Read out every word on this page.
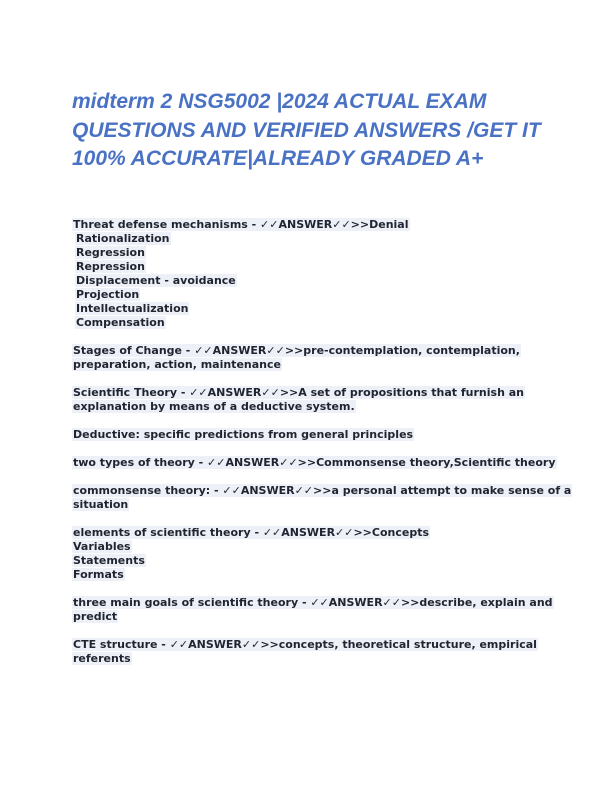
midterm 2 NSG5002 |2024 ACTUAL EXAM
QUESTIONS AND VERIFIED ANSWERS /GET IT
100% ACCURATE|ALREADY GRADED A+
Threat defense mechanisms - ✓✓ANSWER✓✓>>Denial
Rationalization
Regression
Repression
Displacement - avoidance
Projection
Intellectualization
Compensation
Stages of Change - ✓✓ANSWER✓✓>>pre-contemplation, contemplation,
preparation, action, maintenance
Scientific Theory - ✓✓ANSWER✓✓>>A set of propositions that furnish an
explanation by means of a deductive system.
Deductive: specific predictions from general principles
two types of theory - ✓✓ANSWER✓✓>>Commonsense theory,Scientific theory
commonsense theory: - ✓✓ANSWER✓✓>>a personal attempt to make sense of a
situation
elements of scientific theory - ✓✓ANSWER✓✓>>Concepts
Variables
Statements
Formats
three main goals of scientific theory - ✓✓ANSWER✓✓>>describe, explain and
predict
CTE structure - ✓✓ANSWER✓✓>>concepts, theoretical structure, empirical
referents
